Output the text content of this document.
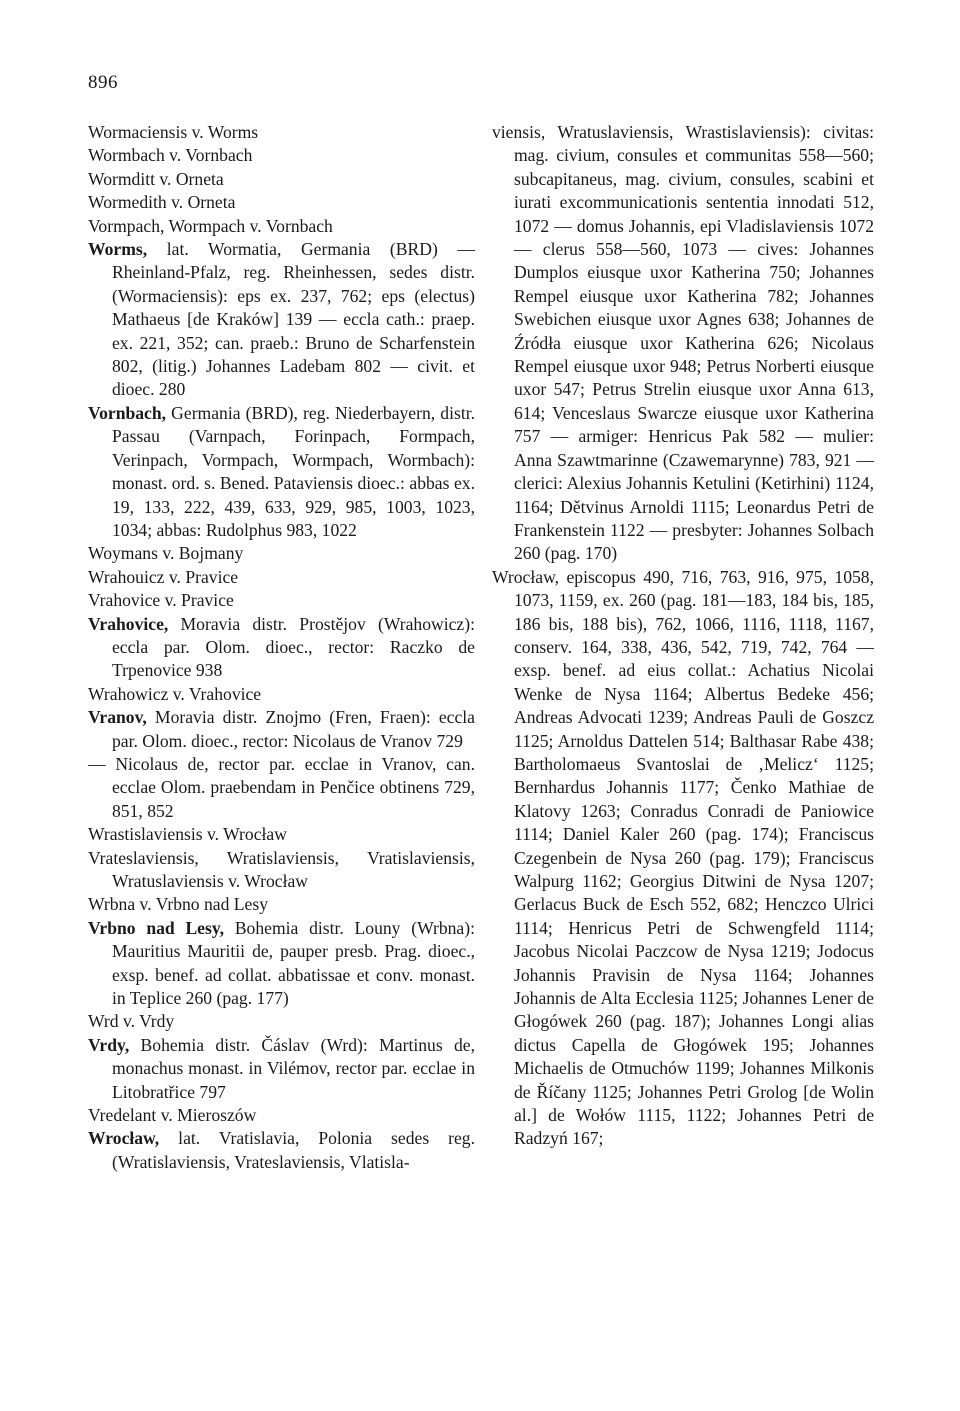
896

Wormaciensis v. Worms

Wormbach v. Vornbach

Wormditt v. Orneta

Wormedith v. Orneta

Vormpach, Wormpach v. Vornbach

Worms, lat. Wormatia, Germania (BRD) — Rheinland-Pfalz, reg. Rheinhessen, sedes distr. (Wormaciensis): eps ex. 237, 762; eps (electus) Mathaeus [de Kraków] 139 — eccla cath.: praep. ex. 221, 352; can. praeb.: Bruno de Scharfenstein 802, (litig.) Johannes Ladebam 802 — civit. et dioec. 280

Vornbach, Germania (BRD), reg. Niederbayern, distr. Passau (Varnpach, Forinpach, Formpach, Verinpach, Vormpach, Wormpach, Wormbach): monast. ord. s. Bened. Pataviensis dioec.: abbas ex. 19, 133, 222, 439, 633, 929, 985, 1003, 1023, 1034; abbas: Rudolphus 983, 1022

Woymans v. Bojmany

Wrahouicz v. Pravice

Vrahovice v. Pravice

Vrahovice, Moravia distr. Prostějov (Wrahowicz): eccla par. Olom. dioec., rector: Raczko de Trpenovice 938

Wrahowicz v. Vrahovice

Vranov, Moravia distr. Znojmo (Fren, Fraen): eccla par. Olom. dioec., rector: Nicolaus de Vranov 729

— Nicolaus de, rector par. ecclae in Vranov, can. ecclae Olom. praebendam in Penčice obtinens 729, 851, 852

Wrastislaviensis v. Wrocław

Vrateslaviensis, Wratislaviensis, Vratislaviensis, Wratuslaviensis v. Wrocław

Wrbna v. Vrbno nad Lesy

Vrbno nad Lesy, Bohemia distr. Louny (Wrbna): Mauritius Mauritii de, pauper presb. Prag. dioec., exsp. benef. ad collat. abbatissae et conv. monast. in Teplice 260 (pag. 177)

Wrd v. Vrdy

Vrdy, Bohemia distr. Čáslav (Wrd): Martinus de, monachus monast. in Vilémov, rector par. ecclae in Litobratřice 797

Vredelant v. Mieroszów

Wrocław, lat. Vratislavia, Polonia sedes reg. (Wratislaviensis, Vrateslaviensis, Vlatisla-

viensis, Wratuslaviensis, Wrastislaviensis): civitas: mag. civium, consules et communitas 558—560; subcapitaneus, mag. civium, consules, scabini et iurati excommunicationis sententia innodati 512, 1072 — domus Johannis, epi Vladislaviensis 1072 — clerus 558—560, 1073 — cives: Johannes Dumplos eiusque uxor Katherina 750; Johannes Rempel eiusque uxor Katherina 782; Johannes Swebichen eiusque uxor Agnes 638; Johannes de Źródła eiusque uxor Katherina 626; Nicolaus Rempel eiusque uxor 948; Petrus Norberti eiusque uxor 547; Petrus Strelin eiusque uxor Anna 613, 614; Venceslaus Swarcze eiusque uxor Katherina 757 — armiger: Henricus Pak 582 — mulier: Anna Szawtmarinne (Czawemarynne) 783, 921 — clerici: Alexius Johannis Ketulini (Ketirhini) 1124, 1164; Dětvinus Arnoldi 1115; Leonardus Petri de Frankenstein 1122 — presbyter: Johannes Solbach 260 (pag. 170)

Wrocław, episcopus 490, 716, 763, 916, 975, 1058, 1073, 1159, ex. 260 (pag. 181—183, 184 bis, 185, 186 bis, 188 bis), 762, 1066, 1116, 1118, 1167, conserv. 164, 338, 436, 542, 719, 742, 764 — exsp. benef. ad eius collat.: Achatius Nicolai Wenke de Nysa 1164; Albertus Bedeke 456; Andreas Advocati 1239; Andreas Pauli de Goszcz 1125; Arnoldus Dattelen 514; Balthasar Rabe 438; Bartholomaeus Svantoslai de ‚Melicz‘ 1125; Bernhardus Johannis 1177; Čenko Mathiae de Klatovy 1263; Conradus Conradi de Paniowice 1114; Daniel Kaler 260 (pag. 174); Franciscus Czegenbein de Nysa 260 (pag. 179); Franciscus Walpurg 1162; Georgius Ditwini de Nysa 1207; Gerlacus Buck de Esch 552, 682; Henczco Ulrici 1114; Henricus Petri de Schwengfeld 1114; Jacobus Nicolai Paczcow de Nysa 1219; Jodocus Johannis Pravisin de Nysa 1164; Johannes Johannis de Alta Ecclesia 1125; Johannes Lener de Głogówek 260 (pag. 187); Johannes Longi alias dictus Capella de Głogówek 195; Johannes Michaelis de Otmuchów 1199; Johannes Milkonis de Říčany 1125; Johannes Petri Grolog [de Wolin al.] de Wołów 1115, 1122; Johannes Petri de Radzyń 167;
